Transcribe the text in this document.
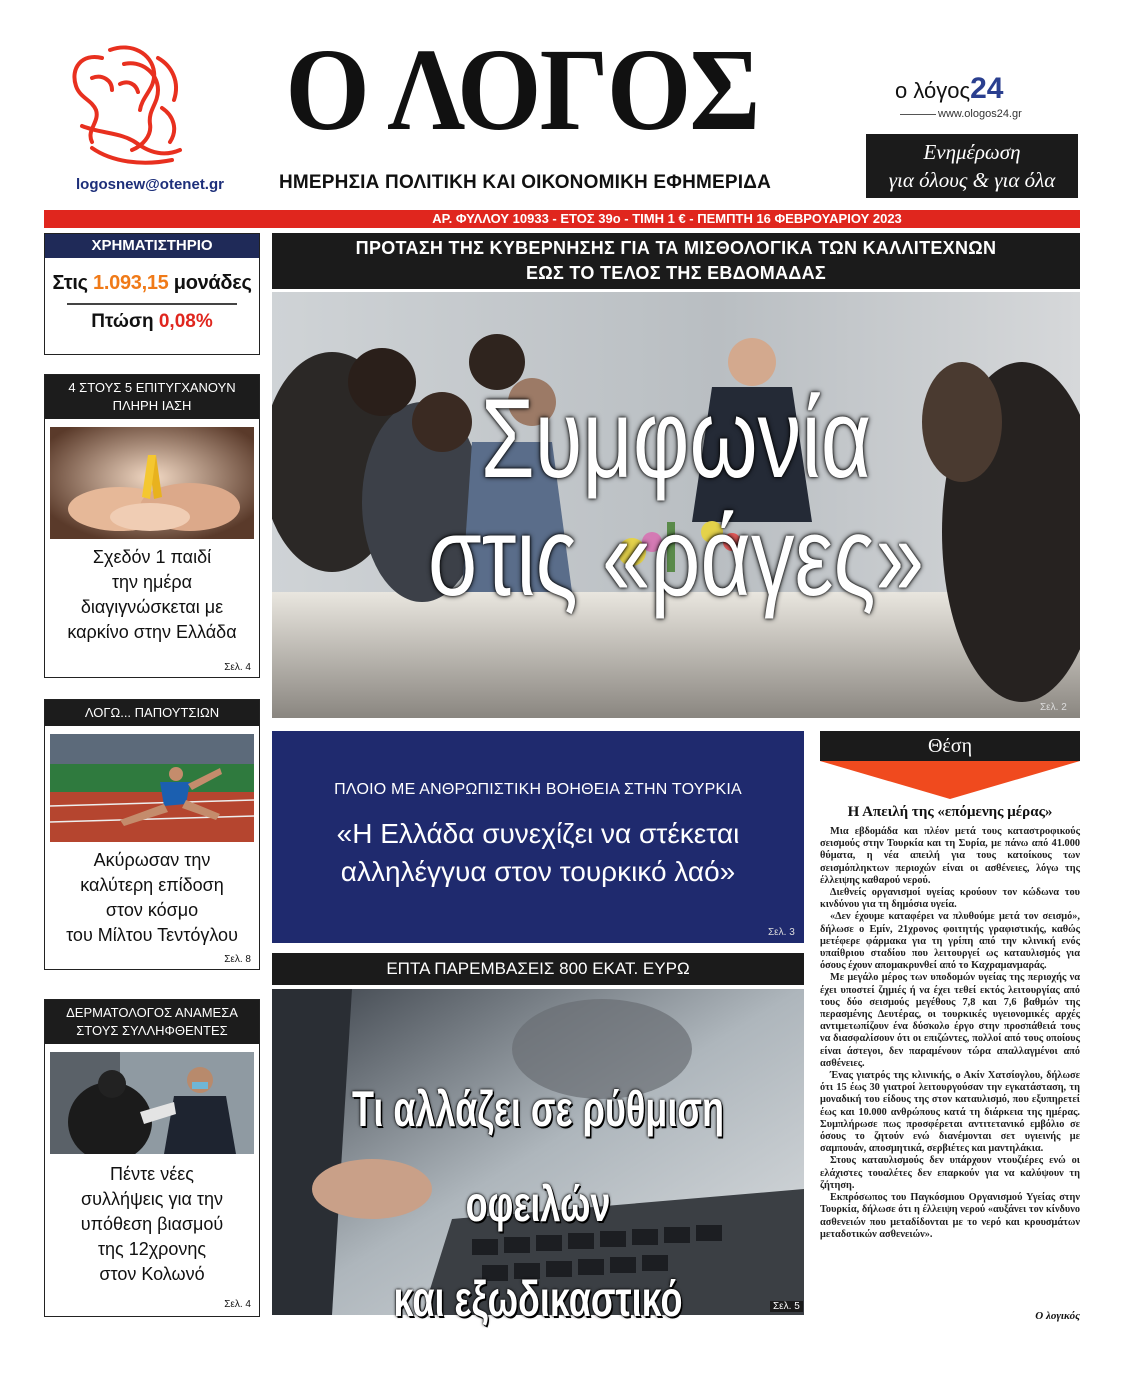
logosnew@otenet.gr
Ο ΛΟΓΟΣ
ΗΜΕΡΗΣΙΑ ΠΟΛΙΤΙΚΗ ΚΑΙ ΟΙΚΟΝΟΜΙΚΗ ΕΦΗΜΕΡΙΔΑ
ο λόγος24
www.ologos24.gr
Ενημέρωση
για όλους & για όλα
ΑΡ. ΦΥΛΛΟΥ 10933 - ΕΤΟΣ 39ο - ΤΙΜΗ 1 € - ΠΕΜΠΤΗ 16 ΦΕΒΡΟΥΑΡΙΟΥ 2023
ΧΡΗΜΑΤΙΣΤΗΡΙΟ
Στις 1.093,15 μονάδες
Πτώση 0,08%
4 ΣΤΟΥΣ 5 ΕΠΙΤΥΓΧΑΝΟΥΝ
ΠΛΗΡΗ ΙΑΣΗ
Σχεδόν 1 παιδί
την ημέρα
διαγιγνώσκεται με
καρκίνο στην Ελλάδα
Σελ. 4
ΛΟΓΩ... ΠΑΠΟΥΤΣΙΩΝ
Ακύρωσαν την
καλύτερη επίδοση
στον κόσμο
του Μίλτου Τεντόγλου
Σελ. 8
ΔΕΡΜΑΤΟΛΟΓΟΣ ΑΝΑΜΕΣΑ
ΣΤΟΥΣ ΣΥΛΛΗΦΘΕΝΤΕΣ
Πέντε νέες
συλλήψεις για την
υπόθεση βιασμού
της 12χρονης
στον Κολωνό
Σελ. 4
ΠΡΟΤΑΣΗ ΤΗΣ ΚΥΒΕΡΝΗΣΗΣ ΓΙΑ ΤΑ ΜΙΣΘΟΛΟΓΙΚΑ ΤΩΝ ΚΑΛΛΙΤΕΧΝΩΝ
ΕΩΣ ΤΟ ΤΕΛΟΣ ΤΗΣ ΕΒΔΟΜΑΔΑΣ
Συμφωνία
στις «ράγες»
Σελ. 2
ΠΛΟΙΟ ΜΕ ΑΝΘΡΩΠΙΣΤΙΚΗ ΒΟΗΘΕΙΑ ΣΤΗΝ ΤΟΥΡΚΙΑ
«Η Ελλάδα συνεχίζει να στέκεται
αλληλέγγυα στον τουρκικό λαό»
Σελ. 3
ΕΠΤΑ ΠΑΡΕΜΒΑΣΕΙΣ 800 ΕΚΑΤ. ΕΥΡΩ
Τι αλλάζει σε ρύθμιση οφειλών
και εξωδικαστικό	Σελ. 5
Θέση
Η Απειλή της «επόμενης μέρας»

Μια εβδομάδα και πλέον μετά τους καταστροφικούς σεισμούς στην Τουρκία και τη Συρία, με πάνω από 41.000 θύματα, η νέα απειλή για τους κατοίκους των σεισμόπληκτων περιοχών είναι οι ασθένειες, λόγω της έλλειψης καθαρού νερού.

Διεθνείς οργανισμοί υγείας κρούουν τον κώδωνα του κινδύνου για τη δημόσια υγεία.

«Δεν έχουμε καταφέρει να πλυθούμε μετά τον σεισμό», δήλωσε ο Εμίν, 21χρονος φοιτητής γραφιστικής, καθώς μετέφερε φάρμακα για τη γρίπη από την κλινική ενός υπαίθριου σταδίου που λειτουργεί ως καταυλισμός για όσους έχουν απομακρυνθεί από το Καχραμανμαράς.

Με μεγάλο μέρος των υποδομών υγείας της περιοχής να έχει υποστεί ζημιές ή να έχει τεθεί εκτός λειτουργίας από τους δύο σεισμούς μεγέθους 7,8 και 7,6 βαθμών της περασμένης Δευτέρας, οι τουρκικές υγειονομικές αρχές αντιμετωπίζουν ένα δύσκολο έργο στην προσπάθειά τους να διασφαλίσουν ότι οι επιζώντες, πολλοί από τους οποίους είναι άστεγοι, δεν παραμένουν τώρα απαλλαγμένοι από ασθένειες.

Ένας γιατρός της κλινικής, ο Ακίν Χατσίογλου, δήλωσε ότι 15 έως 30 γιατροί λειτουργούσαν την εγκατάσταση, τη μοναδική του είδους της στον καταυλισμό, που εξυπηρετεί έως και 10.000 ανθρώπους κατά τη διάρκεια της ημέρας. Συμπλήρωσε πως προσφέρεται αντιτετανικό εμβόλιο σε όσους το ζητούν ενώ διανέμονται σετ υγιεινής με σαμπουάν, αποσμητικά, σερβιέτες και μαντηλάκια.

Στους καταυλισμούς δεν υπάρχουν ντουζιέρες ενώ οι ελάχιστες τουαλέτες δεν επαρκούν για να καλύψουν τη ζήτηση.

Εκπρόσωπος του Παγκόσμιου Οργανισμού Υγείας στην Τουρκία, δήλωσε ότι η έλλειψη νερού «αυξάνει τον κίνδυνο ασθενειών που μεταδίδονται με το νερό και κρουσμάτων μεταδοτικών ασθενειών».

Ο λογικός
